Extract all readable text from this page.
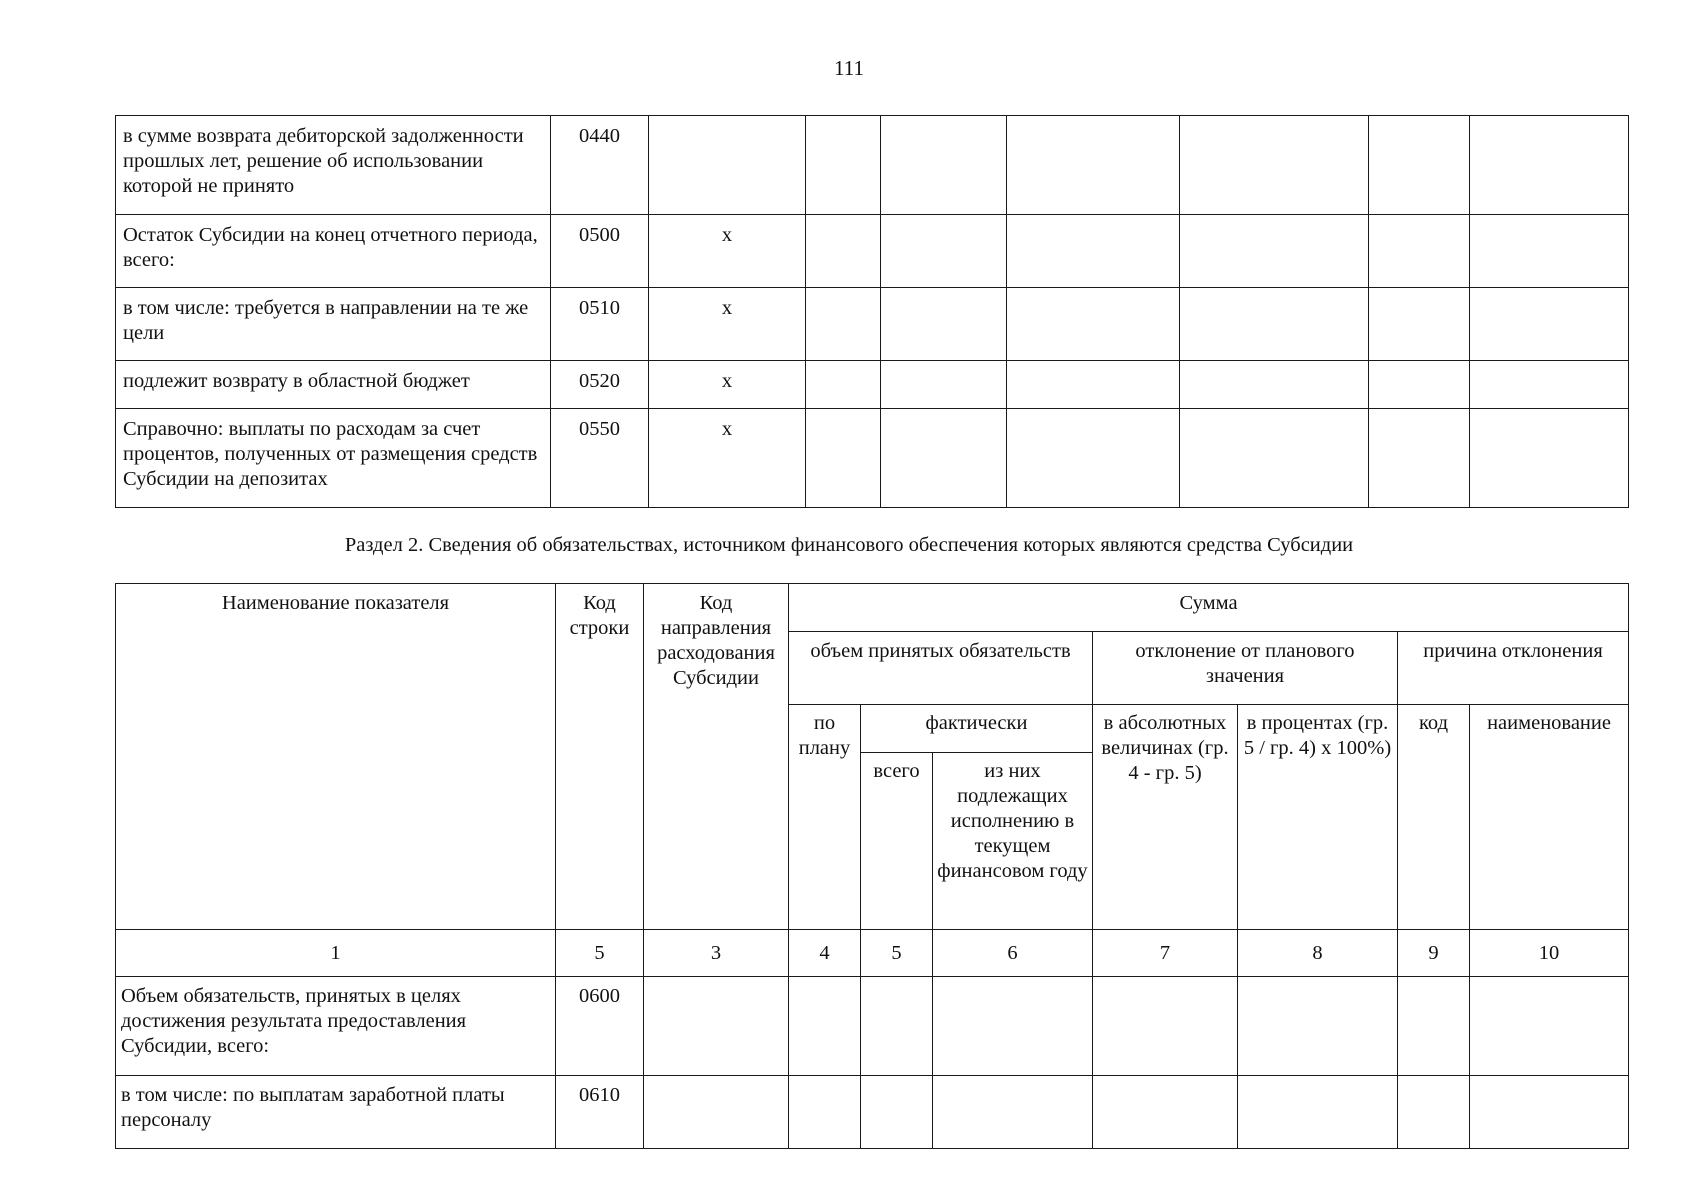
111
в сумме возврата дебиторской задолженности прошлых лет, решение об использовании которой не принято	0440							
Остаток Субсидии на конец отчетного периода, всего:	0500	x						
в том числе: требуется в направлении на те же цели	0510	x						
подлежит возврату в областной бюджет	0520	x						
Справочно: выплаты по расходам за счет процентов, полученных от размещения средств Субсидии на депозитах	0550	x						
Раздел 2. Сведения об обязательствах, источником финансового обеспечения которых являются средства Субсидии
Наименование показателя	Код строки	Код направления расходования Субсидии	Сумма						
			объем принятых обязательств			отклонение от планового значения		причина отклонения	
			по плану	фактически		в абсолютных величинах (гр. 4 - гр. 5)	в процентах (гр. 5 / гр. 4) x 100%)	код	наименование
				всего	из них подлежащих исполнению в текущем финансовом году				
1	5	3	4	5	6	7	8	9	10
Объем обязательств, принятых в целях достижения результата предоставления Субсидии, всего:	0600								
в том числе: по выплатам заработной платы персоналу	0610								
